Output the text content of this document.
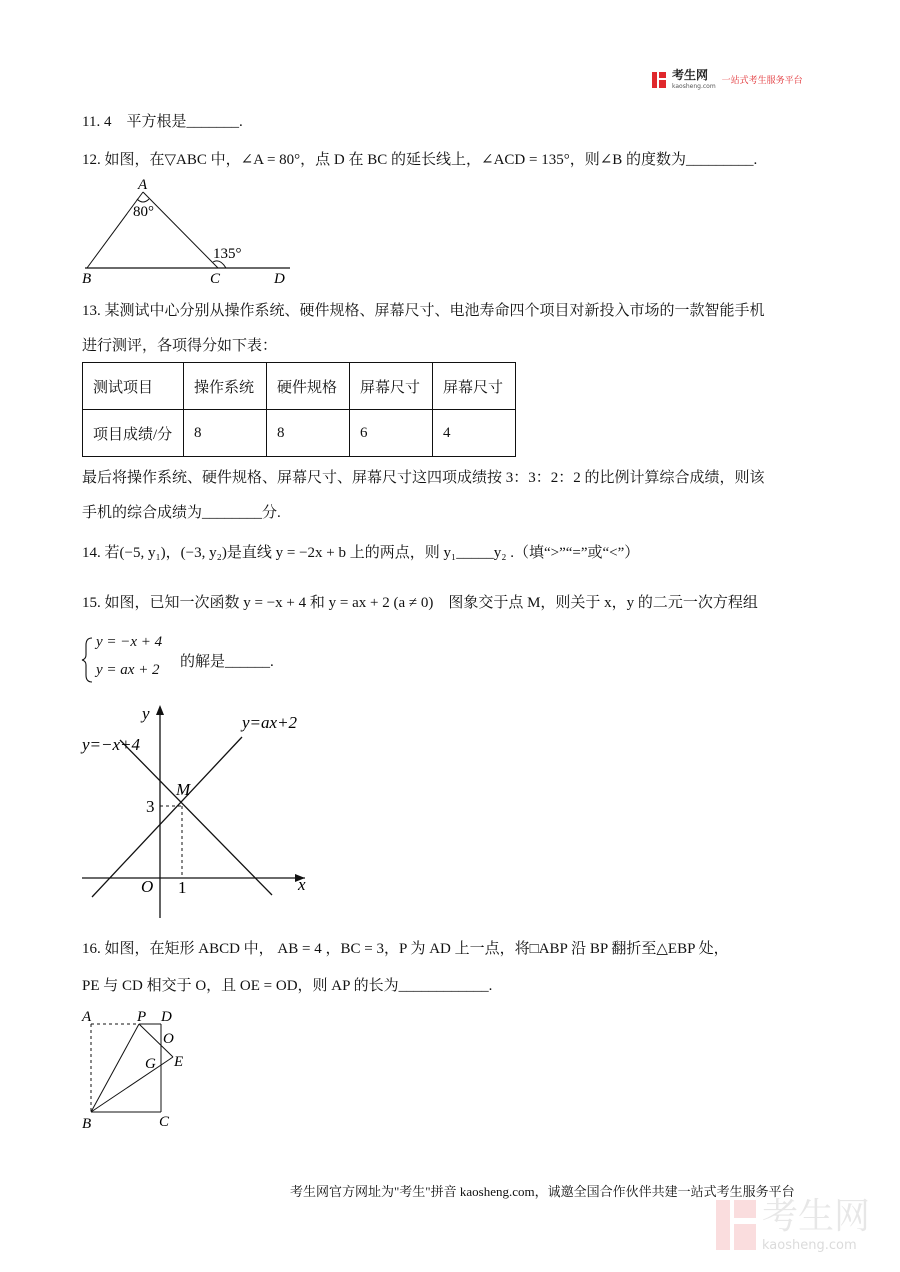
考生网
kaosheng.com
一站式考生服务平台
11. 4　平方根是_______.
12. 如图，在▽ABC 中，∠A = 80°，点 D 在 BC 的延长线上，∠ACD = 135°，则∠B 的度数为_________.
A
80°
135°
B	C	D
y
x
O
M
3
1
y=−x+4
y=ax+2
A	P D
O
G E
B	C
13. 某测试中心分别从操作系统、硬件规格、屏幕尺寸、电池寿命四个项目对新投入市场的一款智能手机
进行测评，各项得分如下表：
测试项目	操作系统	硬件规格	屏幕尺寸	屏幕尺寸
项目成绩/分	8	8	6	4
最后将操作系统、硬件规格、屏幕尺寸、屏幕尺寸这四项成绩按 3：3：2：2 的比例计算综合成绩，则该
手机的综合成绩为________分.
14. 若(−5, y₁)，(−3, y₂)是直线 y = −2x + b 上的两点，则 y₁_____y₂ .（填“>”“=”或“<”）
15. 如图，已知一次函数 y = −x + 4 和 y = ax + 2 (a ≠ 0)　图象交于点 M，则关于 x，y 的二元一次方程组
y = −x + 4
y = ax + 2 的解是______.
16. 如图，在矩形 ABCD 中， AB = 4 ，BC = 3，P 为 AD 上一点，将□ABP 沿 BP 翻折至△EBP 处，
PE 与 CD 相交于 O，且 OE = OD，则 AP 的长为____________.
考生网官方网址为"考生"拼音 kaosheng.com，诚邀全国合作伙伴共建一站式考生服务平台
考生网
kaosheng.com
